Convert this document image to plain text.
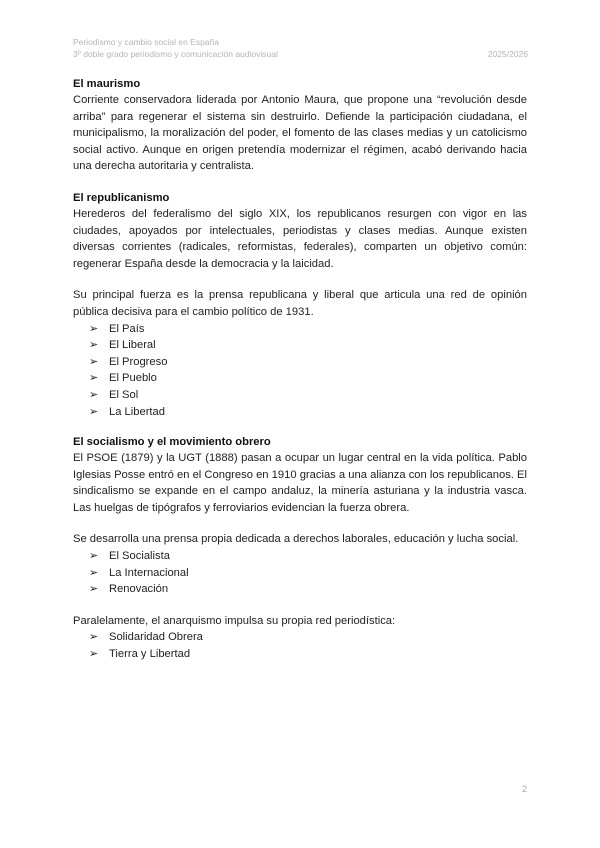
Periodismo y cambio social en España
3º doble grado periodismo y comunicación audiovisual	2025/2026
El maurismo

Corriente conservadora liderada por Antonio Maura, que propone una “revolución desde arriba” para regenerar el sistema sin destruirlo. Defiende la participación ciudadana, el municipalismo, la moralización del poder, el fomento de las clases medias y un catolicismo social activo. Aunque en origen pretendía modernizar el régimen, acabó derivando hacia una derecha autoritaria y centralista.

El republicanismo

Herederos del federalismo del siglo XIX, los republicanos resurgen con vigor en las ciudades, apoyados por intelectuales, periodistas y clases medias. Aunque existen diversas corrientes (radicales, reformistas, federales), comparten un objetivo común: regenerar España desde la democracia y la laicidad.

Su principal fuerza es la prensa republicana y liberal que articula una red de opinión pública decisiva para el cambio político de 1931.

➢ El País
➢ El Liberal
➢ El Progreso
➢ El Pueblo
➢ El Sol
➢ La Libertad
El socialismo y el movimiento obrero

El PSOE (1879) y la UGT (1888) pasan a ocupar un lugar central en la vida política. Pablo Iglesias Posse entró en el Congreso en 1910 gracias a una alianza con los republicanos. El sindicalismo se expande en el campo andaluz, la minería asturiana y la industria vasca. Las huelgas de tipógrafos y ferroviarios evidencian la fuerza obrera.

Se desarrolla una prensa propia dedicada a derechos laborales, educación y lucha social.

➢ El Socialista
➢ La Internacional
➢ Renovación

Paralelamente, el anarquismo impulsa su propia red periodística:

➢ Solidaridad Obrera
➢ Tierra y Libertad
2
